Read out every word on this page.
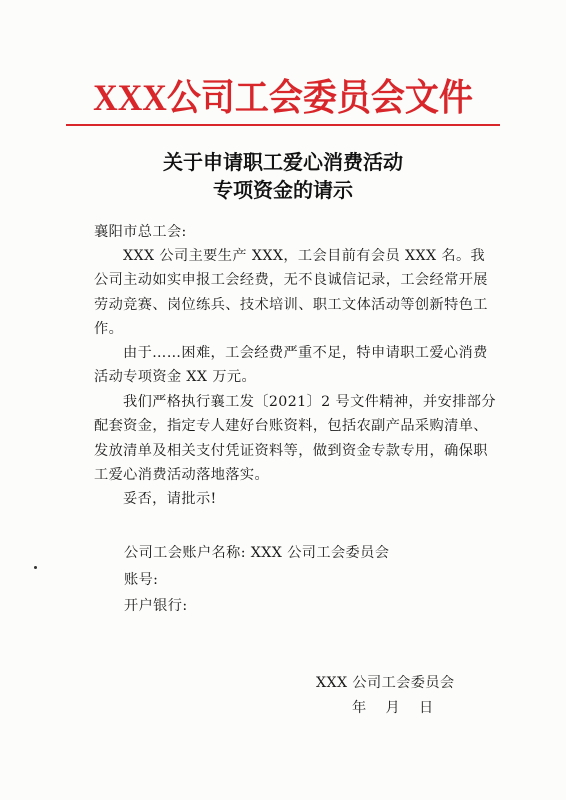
XXX公司工会委员会文件
关于申请职工爱心消费活动
专项资金的请示
襄阳市总工会:
XXX 公司主要生产 XXX，工会目前有会员 XXX 名。我公司主动如实申报工会经费，无不良诚信记录，工会经常开展劳动竞赛、岗位练兵、技术培训、职工文体活动等创新特色工作。
由于……困难，工会经费严重不足，特申请职工爱心消费活动专项资金 XX 万元。
我们严格执行襄工发〔2021〕2 号文件精神，并安排部分配套资金，指定专人建好台账资料，包括农副产品采购清单、发放清单及相关支付凭证资料等，做到资金专款专用，确保职工爱心消费活动落地落实。
妥否，请批示!
公司工会账户名称: XXX 公司工会委员会
账号:
开户银行:
XXX 公司工会委员会
年 月 日
